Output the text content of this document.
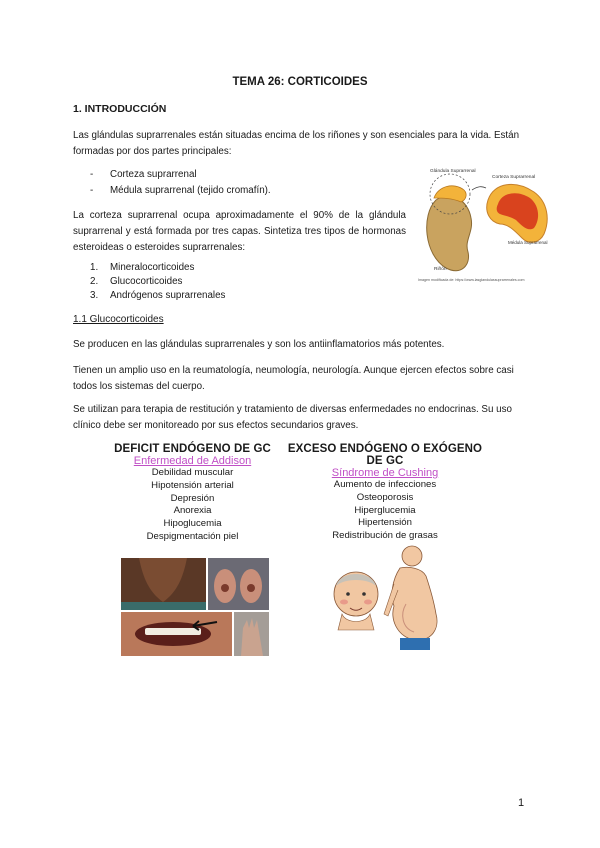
TEMA 26: CORTICOIDES
1. INTRODUCCIÓN
Las glándulas suprarrenales están situadas encima de los riñones y son esenciales para la vida. Están formadas por dos partes principales:
- Corteza suprarrenal
- Médula suprarrenal (tejido cromafín).
La corteza suprarrenal ocupa aproximadamente el 90% de la glándula suprarrenal y está formada por tres capas. Sintetiza tres tipos de hormonas esteroideas o esteroides suprarrenales:
1. Mineralocorticoides
2. Glucocorticoides
3. Andrógenos suprarrenales
Glándula Suprarrenal
Corteza Suprarrenal
Médula Suprarrenal
Riñón
Imagen modificada de: https://www.lasglandulassuprarrenales.com
1.1 Glucocorticoides
Se producen en las glándulas suprarrenales y son los antiinflamatorios más potentes.
Tienen un amplio uso en la reumatología, neumología, neurología. Aunque ejercen efectos sobre casi todos los sistemas del cuerpo.
Se utilizan para terapia de restitución y tratamiento de diversas enfermedades no endocrinas. Su uso clínico debe ser monitoreado por sus efectos secundarios graves.
DEFICIT ENDÓGENO DE GC
Enfermedad de Addison
Debilidad muscular
Hipotensión arterial
Depresión
Anorexia
Hipoglucemia
Despigmentación piel
EXCESO ENDÓGENO O EXÓGENO DE GC
Síndrome de Cushing
Aumento de infecciones
Osteoporosis
Hiperglucemia
Hipertensión
Redistribución de grasas
1
